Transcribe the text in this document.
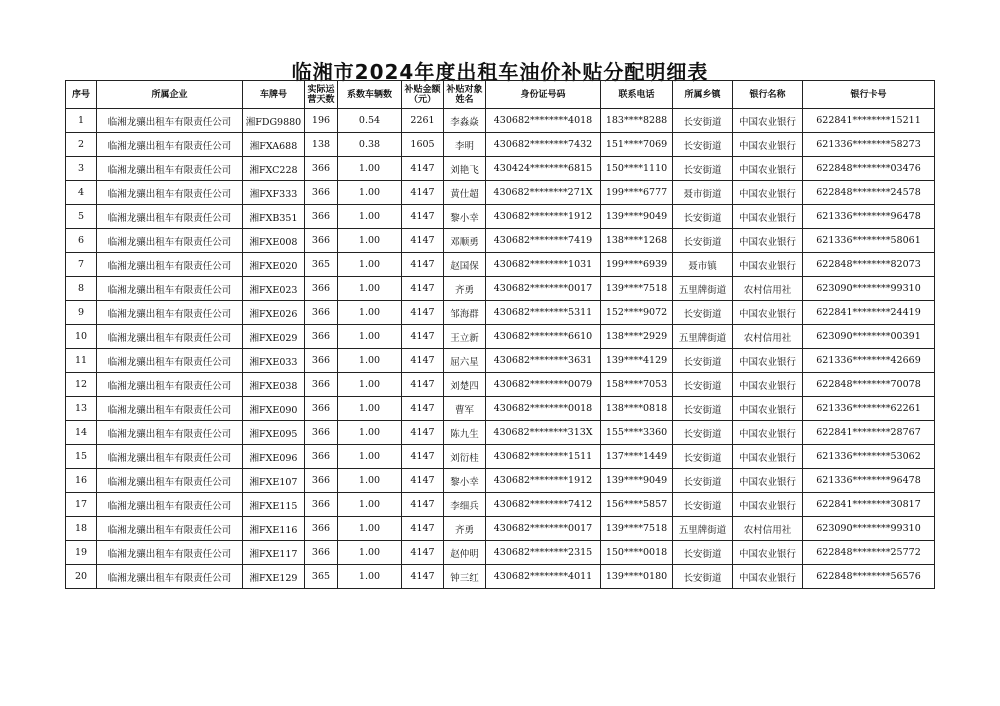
临湘市2024年度出租车油价补贴分配明细表
序号	所属企业	车牌号	实际运营天数	系数车辆数	补贴金额（元）	补贴对象姓名	身份证号码	联系电话	所属乡镇	银行名称	银行卡号
1	临湘龙骧出租车有限责任公司	湘FDG9880	196	0.54	2261	李淼焱	430682********4018	183****8288	长安街道	中国农业银行	622841********15211
2	临湘龙骧出租车有限责任公司	湘FXA688	138	0.38	1605	李明	430682********7432	151****7069	长安街道	中国农业银行	621336********58273
3	临湘龙骧出租车有限责任公司	湘FXC228	366	1.00	4147	刘艳飞	430424********6815	150****1110	长安街道	中国农业银行	622848********03476
4	临湘龙骧出租车有限责任公司	湘FXF333	366	1.00	4147	黄仕超	430682********271X	199****6777	聂市街道	中国农业银行	622848********24578
5	临湘龙骧出租车有限责任公司	湘FXB351	366	1.00	4147	黎小幸	430682********1912	139****9049	长安街道	中国农业银行	621336********96478
6	临湘龙骧出租车有限责任公司	湘FXE008	366	1.00	4147	邓顺勇	430682********7419	138****1268	长安街道	中国农业银行	621336********58061
7	临湘龙骧出租车有限责任公司	湘FXE020	365	1.00	4147	赵国保	430682********1031	199****6939	聂市镇	中国农业银行	622848********82073
8	临湘龙骧出租车有限责任公司	湘FXE023	366	1.00	4147	齐勇	430682********0017	139****7518	五里牌街道	农村信用社	623090********99310
9	临湘龙骧出租车有限责任公司	湘FXE026	366	1.00	4147	邹海群	430682********5311	152****9072	长安街道	中国农业银行	622841********24419
10	临湘龙骧出租车有限责任公司	湘FXE029	366	1.00	4147	王立新	430682********6610	138****2929	五里牌街道	农村信用社	623090********00391
11	临湘龙骧出租车有限责任公司	湘FXE033	366	1.00	4147	屈六星	430682********3631	139****4129	长安街道	中国农业银行	621336********42669
12	临湘龙骧出租车有限责任公司	湘FXE038	366	1.00	4147	刘楚四	430682********0079	158****7053	长安街道	中国农业银行	622848********70078
13	临湘龙骧出租车有限责任公司	湘FXE090	366	1.00	4147	曹军	430682********0018	138****0818	长安街道	中国农业银行	621336********62261
14	临湘龙骧出租车有限责任公司	湘FXE095	366	1.00	4147	陈九生	430682********313X	155****3360	长安街道	中国农业银行	622841********28767
15	临湘龙骧出租车有限责任公司	湘FXE096	366	1.00	4147	刘衍桂	430682********1511	137****1449	长安街道	中国农业银行	621336********53062
16	临湘龙骧出租车有限责任公司	湘FXE107	366	1.00	4147	黎小幸	430682********1912	139****9049	长安街道	中国农业银行	621336********96478
17	临湘龙骧出租车有限责任公司	湘FXE115	366	1.00	4147	李细兵	430682********7412	156****5857	长安街道	中国农业银行	622841********30817
18	临湘龙骧出租车有限责任公司	湘FXE116	366	1.00	4147	齐勇	430682********0017	139****7518	五里牌街道	农村信用社	623090********99310
19	临湘龙骧出租车有限责任公司	湘FXE117	366	1.00	4147	赵仲明	430682********2315	150****0018	长安街道	中国农业银行	622848********25772
20	临湘龙骧出租车有限责任公司	湘FXE129	365	1.00	4147	钟三红	430682********4011	139****0180	长安街道	中国农业银行	622848********56576
